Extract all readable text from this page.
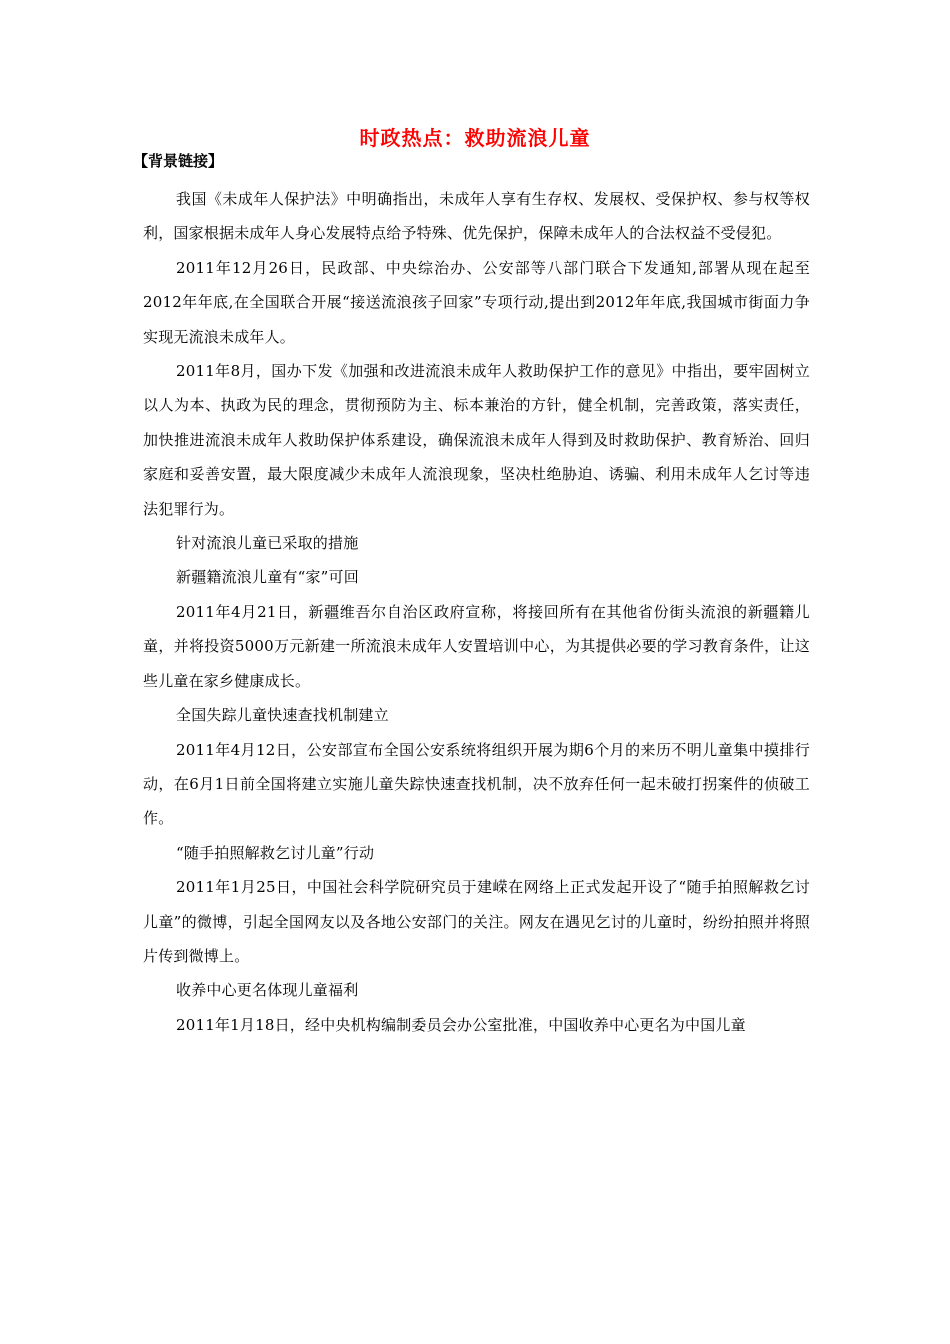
时政热点：救助流浪儿童
【背景链接】

我国《未成年人保护法》中明确指出，未成年人享有生存权、发展权、受保护权、参与权等权利，国家根据未成年人身心发展特点给予特殊、优先保护，保障未成年人的合法权益不受侵犯。

2011年12月26日，民政部、中央综治办、公安部等八部门联合下发通知,部署从现在起至2012年年底,在全国联合开展“接送流浪孩子回家”专项行动,提出到2012年年底,我国城市街面力争实现无流浪未成年人。

2011年8月，国办下发《加强和改进流浪未成年人救助保护工作的意见》中指出，要牢固树立以人为本、执政为民的理念，贯彻预防为主、标本兼治的方针，健全机制，完善政策，落实责任，加快推进流浪未成年人救助保护体系建设，确保流浪未成年人得到及时救助保护、教育矫治、回归家庭和妥善安置，最大限度减少未成年人流浪现象，坚决杜绝胁迫、诱骗、利用未成年人乞讨等违法犯罪行为。

针对流浪儿童已采取的措施

新疆籍流浪儿童有“家”可回

2011年4月21日，新疆维吾尔自治区政府宣称，将接回所有在其他省份街头流浪的新疆籍儿童，并将投资5000万元新建一所流浪未成年人安置培训中心，为其提供必要的学习教育条件，让这些儿童在家乡健康成长。

全国失踪儿童快速查找机制建立

2011年4月12日，公安部宣布全国公安系统将组织开展为期6个月的来历不明儿童集中摸排行动，在6月1日前全国将建立实施儿童失踪快速查找机制，决不放弃任何一起未破打拐案件的侦破工作。

“随手拍照解救乞讨儿童”行动

2011年1月25日，中国社会科学院研究员于建嵘在网络上正式发起开设了“随手拍照解救乞讨儿童”的微博，引起全国网友以及各地公安部门的关注。网友在遇见乞讨的儿童时，纷纷拍照并将照片传到微博上。

收养中心更名体现儿童福利

2011年1月18日，经中央机构编制委员会办公室批准，中国收养中心更名为中国儿童
